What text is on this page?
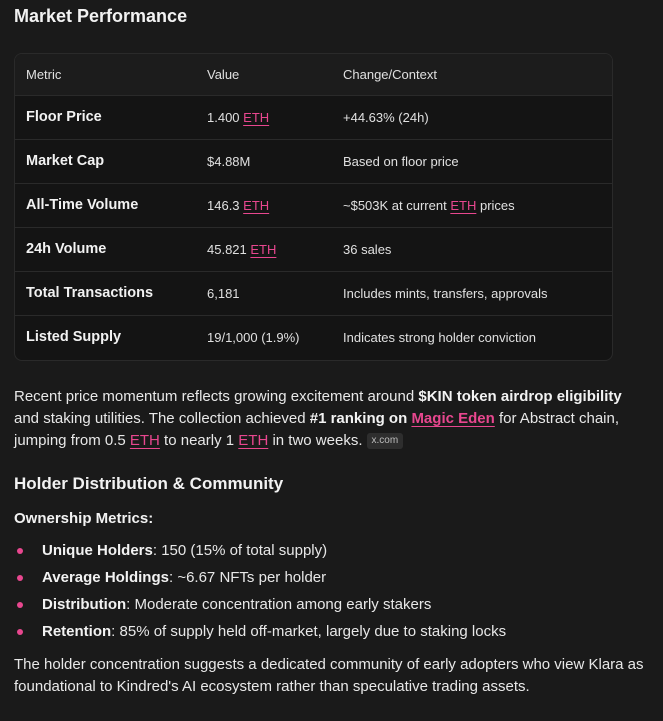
Market Performance
Metric	Value	Change/Context
Floor Price	1.400 ETH	+44.63% (24h)
Market Cap	$4.88M	Based on floor price
All-Time Volume	146.3 ETH	~$503K at current ETH prices
24h Volume	45.821 ETH	36 sales
Total Transactions	6,181	Includes mints, transfers, approvals
Listed Supply	19/1,000 (1.9%)	Indicates strong holder conviction
Recent price momentum reflects growing excitement around $KIN token airdrop eligibility and staking utilities. The collection achieved #1 ranking on Magic Eden for Abstract chain, jumping from 0.5 ETH to nearly 1 ETH in two weeks. x.com
Holder Distribution & Community
Ownership Metrics:
Unique Holders: 150 (15% of total supply)
Average Holdings: ~6.67 NFTs per holder
Distribution: Moderate concentration among early stakers
Retention: 85% of supply held off-market, largely due to staking locks
The holder concentration suggests a dedicated community of early adopters who view Klara as foundational to Kindred's AI ecosystem rather than speculative trading assets.
